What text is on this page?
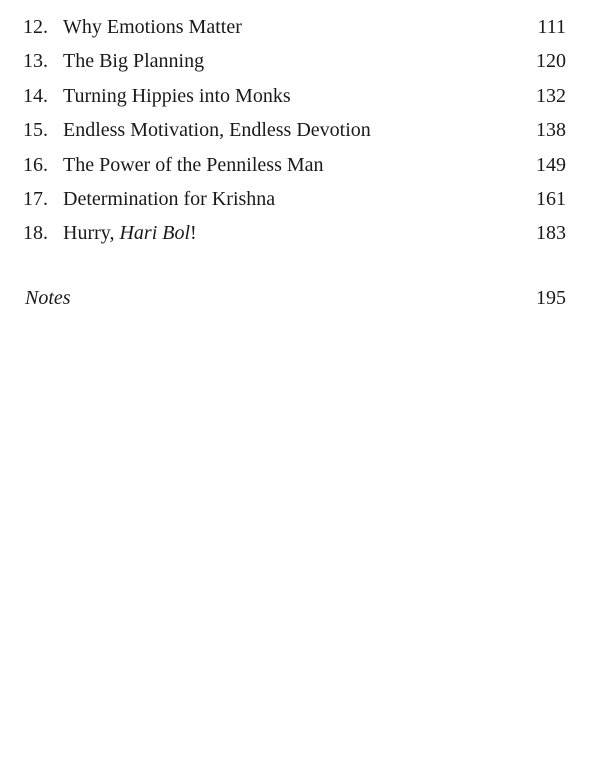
12. Why Emotions Matter	111
13. The Big Planning	120
14. Turning Hippies into Monks	132
15. Endless Motivation, Endless Devotion	138
16. The Power of the Penniless Man	149
17. Determination for Krishna	161
18. Hurry, Hari Bol!	183
Notes	195
